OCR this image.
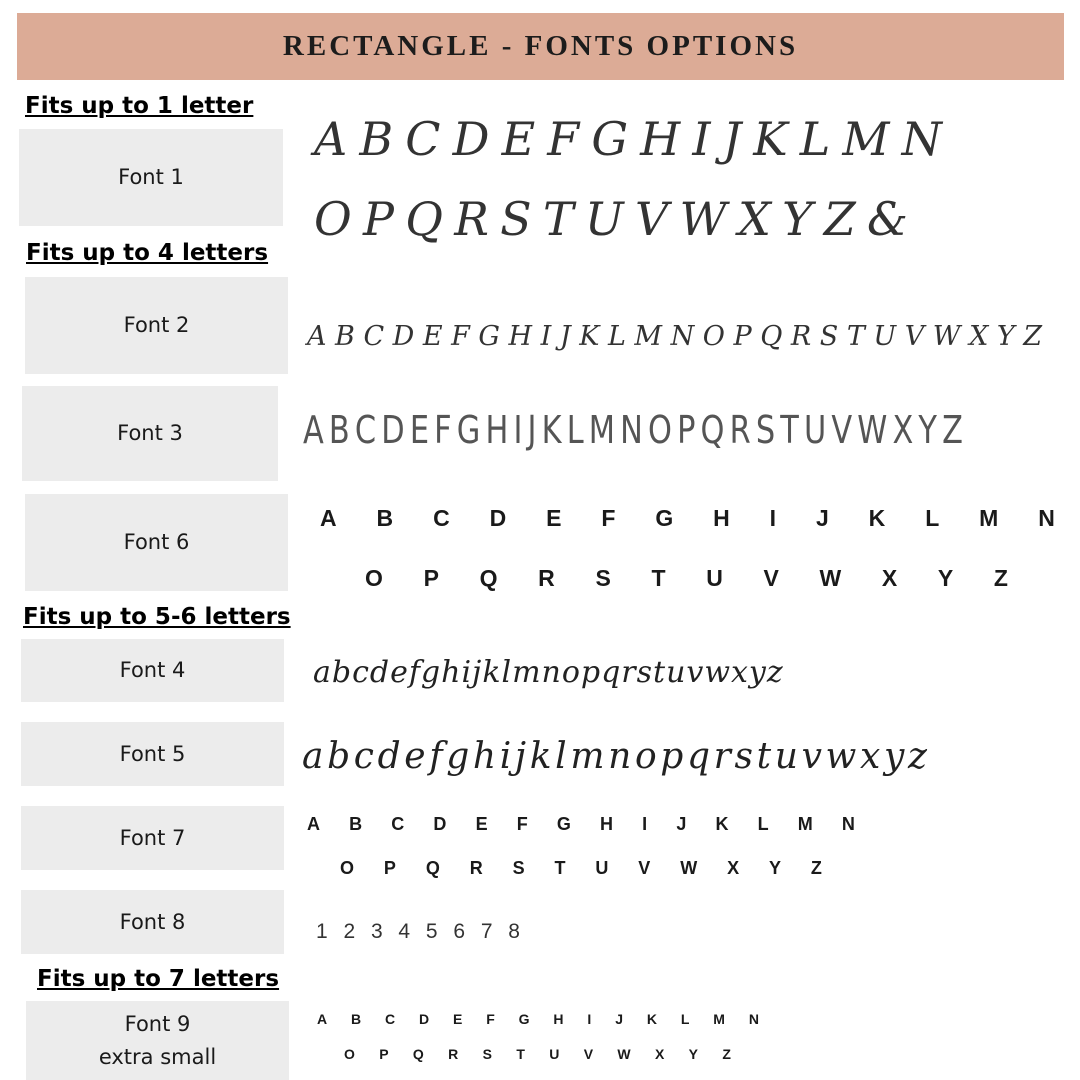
RECTANGLE - FONTS OPTIONS
Fits up to 1 letter
Fits up to 4 letters
Fits up to 5-6 letters
Fits up to 7 letters
Font 1
Font 2
Font 3
Font 6
Font 4
Font 5
Font 7
Font 8
Font 9
extra small
A B C D E F G H I J K L M N
O P Q R S T U V W X Y Z &
A B C D E F G H I J K L M N O P Q R S T U V W X Y Z
A B C D E F G H I J K L M N O P Q R S T U V W X Y Z
A B C D E F G H I J K L M N
O P Q R S T U V W X Y Z
a b c d e f g h i j k l m n o p q r s t u v w x y z
a b c d e f g h i j k l m n o p q r s t u v w x y z
A B C D E F G H I J K L M N
O P Q R S T U V W X Y Z
1 2 3 4 5 6 7 8
A B C D E F G H I J K L M N
O P Q R S T U V W X Y Z
